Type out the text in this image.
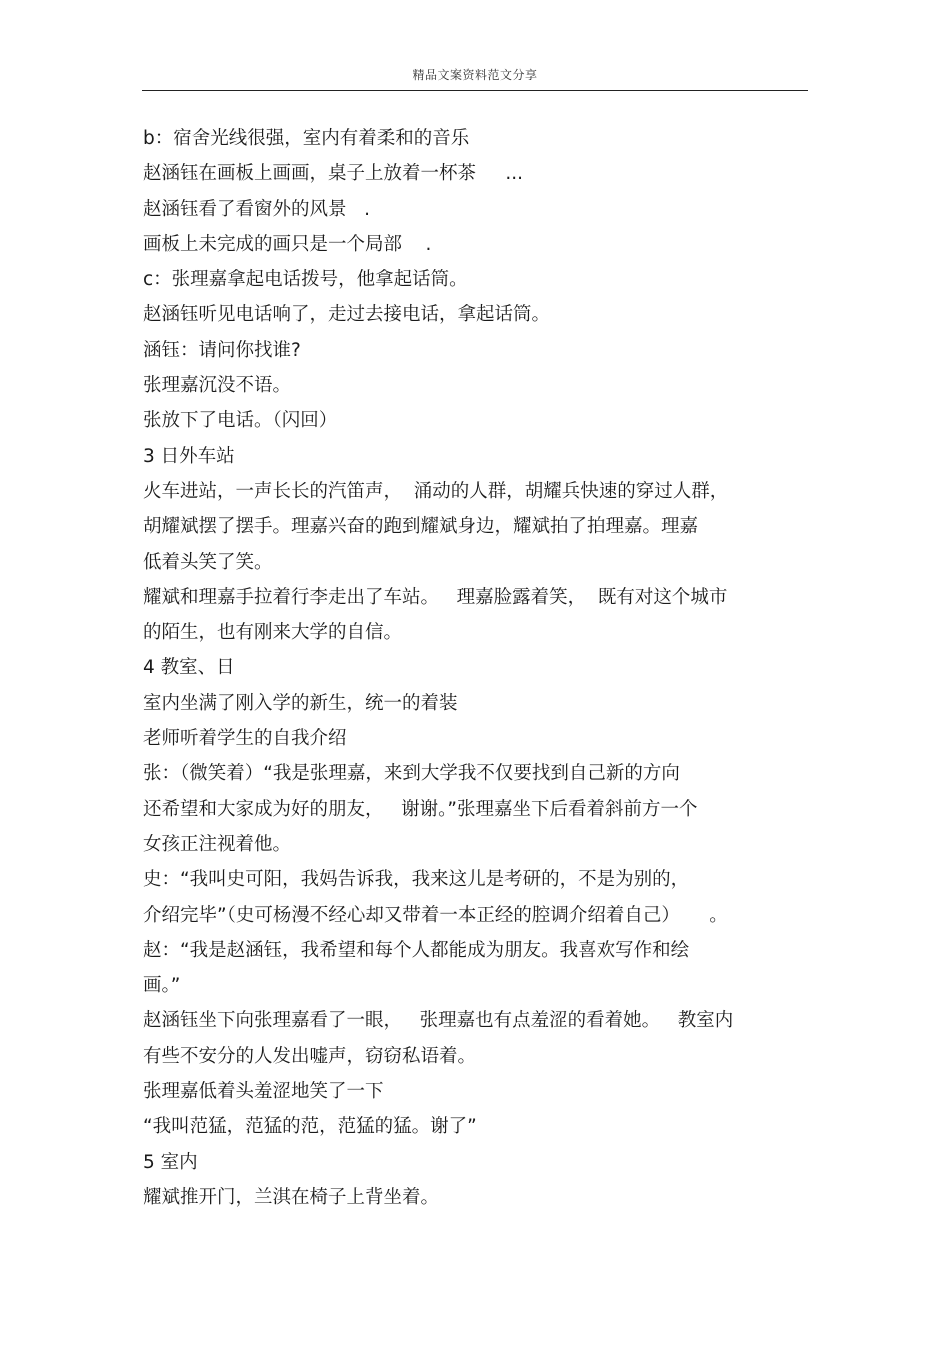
精品文案资料范文分享
b：宿舍光线很强，室内有着柔和的音乐
赵涵钰在画板上画画，桌子上放着一杯茶     ...
赵涵钰看了看窗外的风景   .
画板上未完成的画只是一个局部    .
c：张理嘉拿起电话拨号，他拿起话筒。
赵涵钰听见电话响了，走过去接电话，拿起话筒。
涵钰：请问你找谁?
张理嘉沉没不语。
张放下了电话。（闪回）
3 日外车站
火车进站，一声长长的汽笛声，  涌动的人群，胡耀兵快速的穿过人群，
胡耀斌摆了摆手。理嘉兴奋的跑到耀斌身边，耀斌拍了拍理嘉。理嘉
低着头笑了笑。
耀斌和理嘉手拉着行李走出了车站。   理嘉脸露着笑，  既有对这个城市
的陌生，也有刚来大学的自信。
4 教室、日
室内坐满了刚入学的新生，统一的着装
老师听着学生的自我介绍
张：（微笑着）“我是张理嘉，来到大学我不仅要找到自己新的方向
还希望和大家成为好的朋友，   谢谢。”张理嘉坐下后看着斜前方一个
女孩正注视着他。
史：“我叫史可阳，我妈告诉我，我来这儿是考研的，不是为别的，
介绍完毕”（史可杨漫不经心却又带着一本正经的腔调介绍着自己）     。
赵：“我是赵涵钰，我希望和每个人都能成为朋友。我喜欢写作和绘
画。”
赵涵钰坐下向张理嘉看了一眼，   张理嘉也有点羞涩的看着她。   教室内
有些不安分的人发出嘘声，窃窃私语着。
张理嘉低着头羞涩地笑了一下
“我叫范猛，范猛的范，范猛的猛。谢了”
5 室内
耀斌推开门，兰淇在椅子上背坐着。
